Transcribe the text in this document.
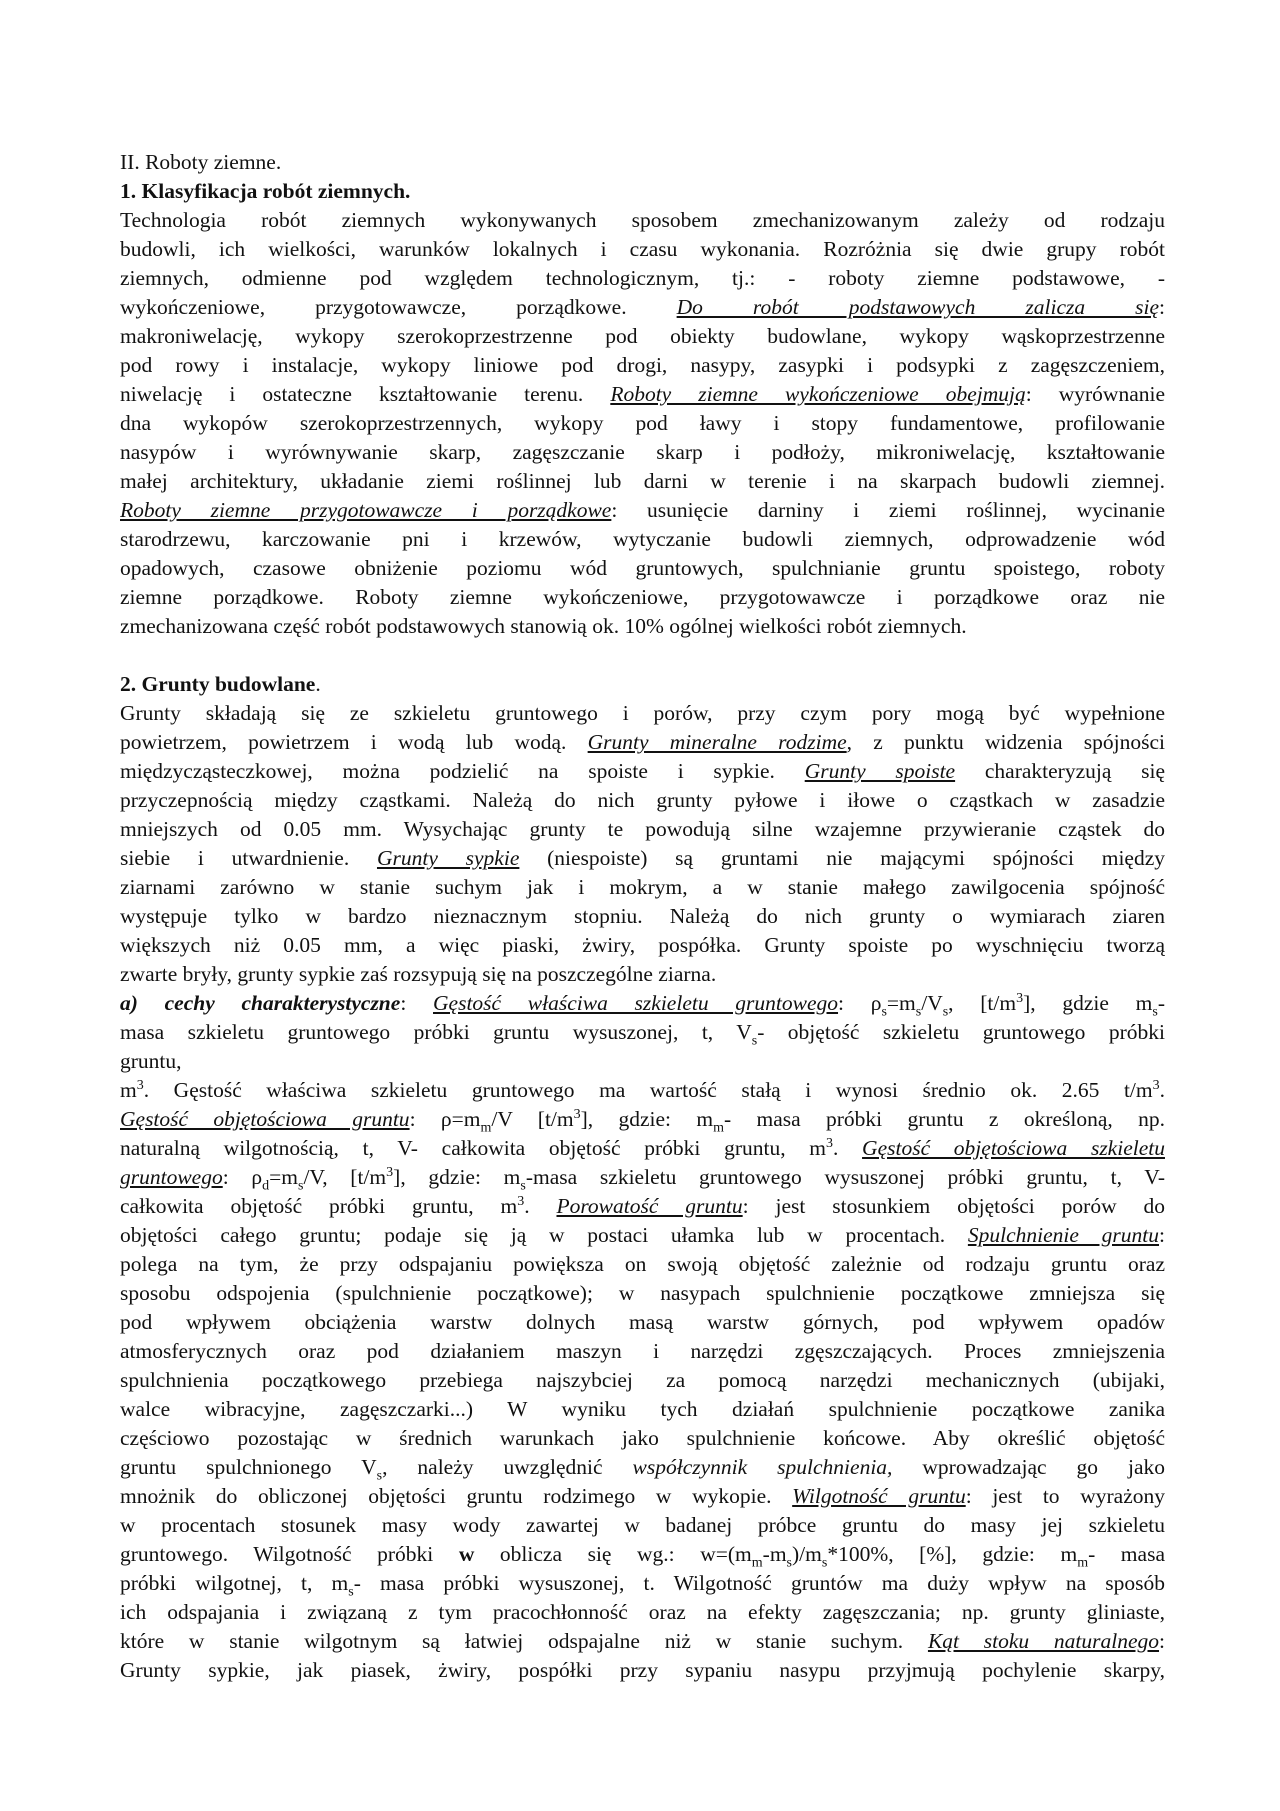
II. Roboty ziemne.
1. Klasyfikacja robót ziemnych.
Technologia robót ziemnych wykonywanych sposobem zmechanizowanym zależy od rodzaju
budowli, ich wielkości, warunków lokalnych i czasu wykonania. Rozróżnia się dwie grupy robót
ziemnych, odmienne pod względem technologicznym, tj.: - roboty ziemne podstawowe, -
wykończeniowe, przygotowawcze, porządkowe. Do robót podstawowych zalicza się:
makroniwelację, wykopy szerokoprzestrzenne pod obiekty budowlane, wykopy wąskoprzestrzenne
pod rowy i instalacje, wykopy liniowe pod drogi, nasypy, zasypki i podsypki z zagęszczeniem,
niwelację i ostateczne kształtowanie terenu. Roboty ziemne wykończeniowe obejmują: wyrównanie
dna wykopów szerokoprzestrzennych, wykopy pod ławy i stopy fundamentowe, profilowanie
nasypów i wyrównywanie skarp, zagęszczanie skarp i podłoży, mikroniwelację, kształtowanie
małej architektury, układanie ziemi roślinnej lub darni w terenie i na skarpach budowli ziemnej.
Roboty ziemne przygotowawcze i porządkowe: usunięcie darniny i ziemi roślinnej, wycinanie
starodrzewu, karczowanie pni i krzewów, wytyczanie budowli ziemnych, odprowadzenie wód
opadowych, czasowe obniżenie poziomu wód gruntowych, spulchnianie gruntu spoistego, roboty
ziemne porządkowe. Roboty ziemne wykończeniowe, przygotowawcze i porządkowe oraz nie
zmechanizowana część robót podstawowych stanowią ok. 10% ogólnej wielkości robót ziemnych.
2. Grunty budowlane.
Grunty składają się ze szkieletu gruntowego i porów, przy czym pory mogą być wypełnione
powietrzem, powietrzem i wodą lub wodą. Grunty mineralne rodzime, z punktu widzenia spójności
międzycząsteczkowej, można podzielić na spoiste i sypkie. Grunty spoiste charakteryzują się
przyczepnością między cząstkami. Należą do nich grunty pyłowe i iłowe o cząstkach w zasadzie
mniejszych od 0.05 mm. Wysychając grunty te powodują silne wzajemne przywieranie cząstek do
siebie i utwardnienie. Grunty sypkie (niespoiste) są gruntami nie mającymi spójności między
ziarnami zarówno w stanie suchym jak i mokrym, a w stanie małego zawilgocenia spójność
występuje tylko w bardzo nieznacznym stopniu. Należą do nich grunty o wymiarach ziaren
większych niż 0.05 mm, a więc piaski, żwiry, pospółka. Grunty spoiste po wyschnięciu tworzą
zwarte bryły, grunty sypkie zaś rozsypują się na poszczególne ziarna.
a) cechy charakterystyczne: Gęstość właściwa szkieletu gruntowego: $\rho_s=m_s/V_s$, $[t/m^3]$, gdzie $m_s-$
masa szkieletu gruntowego próbki gruntu wysuszonej, t, $V_s-$ objętość szkieletu gruntowego próbki
gruntu,
$m^3$. Gęstość właściwa szkieletu gruntowego ma wartość stałą i wynosi średnio ok. 2.65 $t/m^3$.
Gęstość objętościowa gruntu: $\rho=m_m/V$ $[t/m^3]$, gdzie: $m_m-$ masa próbki gruntu z określoną, np.
naturalną wilgotnością, t, V- całkowita objętość próbki gruntu, $m^3$. Gęstość objętościowa szkieletu
gruntowego: $\rho_d=m_s/V$, $[t/m^3]$, gdzie: $m_s$-masa szkieletu gruntowego wysuszonej próbki gruntu, t, V-
całkowita objętość próbki gruntu, $m^3$. Porowatość gruntu: jest stosunkiem objętości porów do
objętości całego gruntu; podaje się ją w postaci ułamka lub w procentach. Spulchnienie gruntu:
polega na tym, że przy odspajaniu powiększa on swoją objętość zależnie od rodzaju gruntu oraz
sposobu odspojenia (spulchnienie początkowe); w nasypach spulchnienie początkowe zmniejsza się
pod wpływem obciążenia warstw dolnych masą warstw górnych, pod wpływem opadów
atmosferycznych oraz pod działaniem maszyn i narzędzi zgęszczających. Proces zmniejszenia
spulchnienia początkowego przebiega najszybciej za pomocą narzędzi mechanicznych (ubijaki,
walce wibracyjne, zagęszczarki...) W wyniku tych działań spulchnienie początkowe zanika
częściowo pozostając w średnich warunkach jako spulchnienie końcowe. Aby określić objętość
gruntu spulchnionego $V_s$, należy uwzględnić współczynnik spulchnienia, wprowadzając go jako
mnożnik do obliczonej objętości gruntu rodzimego w wykopie. Wilgotność gruntu: jest to wyrażony
w procentach stosunek masy wody zawartej w badanej próbce gruntu do masy jej szkieletu
gruntowego. Wilgotność próbki w oblicza się wg.: $w=(m_m-m_s)/m_s*100\%$, [%], gdzie: $m_m-$ masa
próbki wilgotnej, t, $m_s-$ masa próbki wysuszonej, t. Wilgotność gruntów ma duży wpływ na sposób
ich odspajania i związaną z tym pracochłonność oraz na efekty zagęszczania; np. grunty gliniaste,
które w stanie wilgotnym są łatwiej odspajalne niż w stanie suchym. Kąt stoku naturalnego:
Grunty sypkie, jak piasek, żwiry, pospółki przy sypaniu nasypu przyjmują pochylenie skarpy,
